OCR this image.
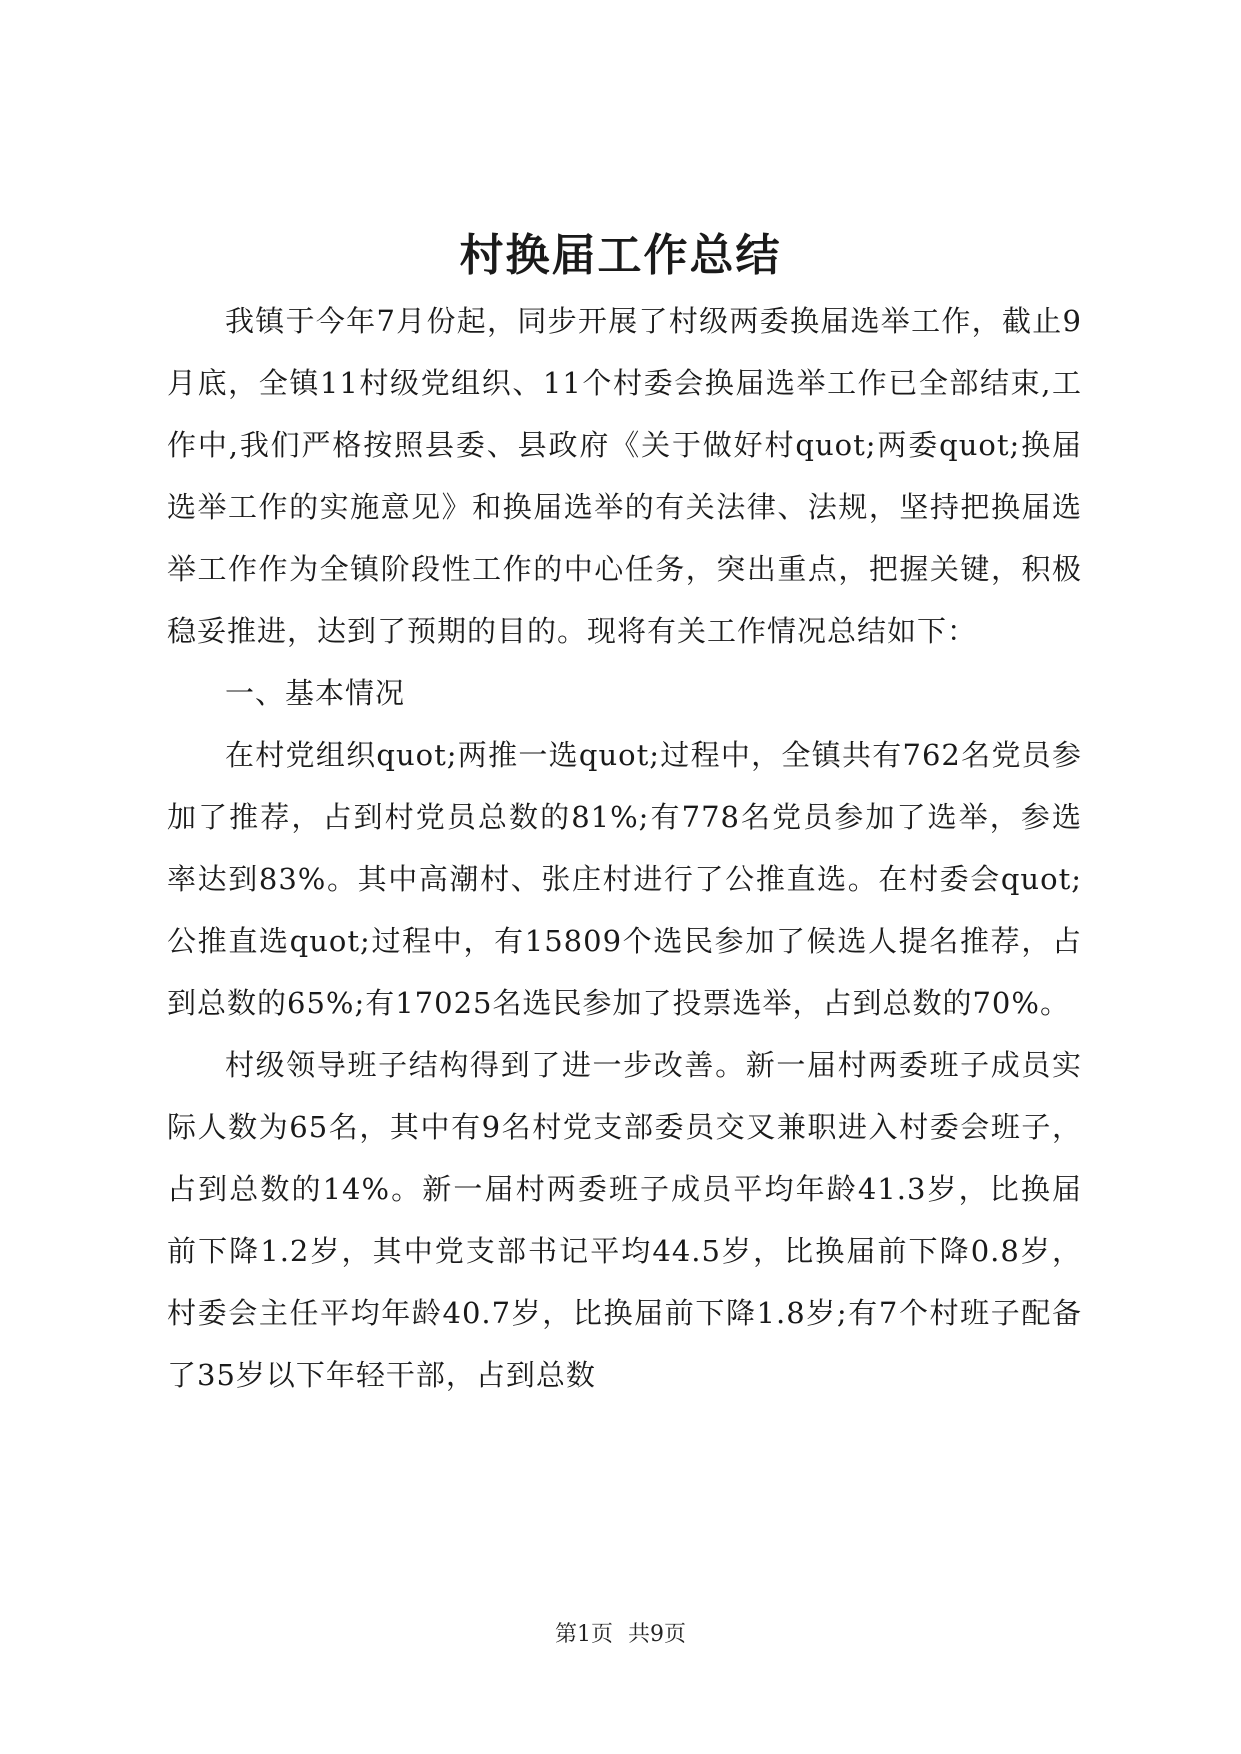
村换届工作总结

我镇于今年7月份起，同步开展了村级两委换届选举工作，截止9月底，全镇11村级党组织、11个村委会换届选举工作已全部结束,工作中,我们严格按照县委、县政府《关于做好村quot;两委quot;换届选举工作的实施意见》和换届选举的有关法律、法规，坚持把换届选举工作作为全镇阶段性工作的中心任务，突出重点，把握关键，积极稳妥推进，达到了预期的目的。现将有关工作情况总结如下：

一、基本情况

在村党组织quot;两推一选quot;过程中，全镇共有762名党员参加了推荐，占到村党员总数的81%;有778名党员参加了选举，参选率达到83%。其中高潮村、张庄村进行了公推直选。在村委会quot;公推直选quot;过程中，有15809个选民参加了候选人提名推荐，占到总数的65%;有17025名选民参加了投票选举，占到总数的70%。

村级领导班子结构得到了进一步改善。新一届村两委班子成员实际人数为65名，其中有9名村党支部委员交叉兼职进入村委会班子，占到总数的14%。新一届村两委班子成员平均年龄41.3岁，比换届前下降1.2岁，其中党支部书记平均44.5岁，比换届前下降0.8岁，村委会主任平均年龄40.7岁，比换届前下降1.8岁;有7个村班子配备了35岁以下年轻干部，占到总数

第1页 共9页
